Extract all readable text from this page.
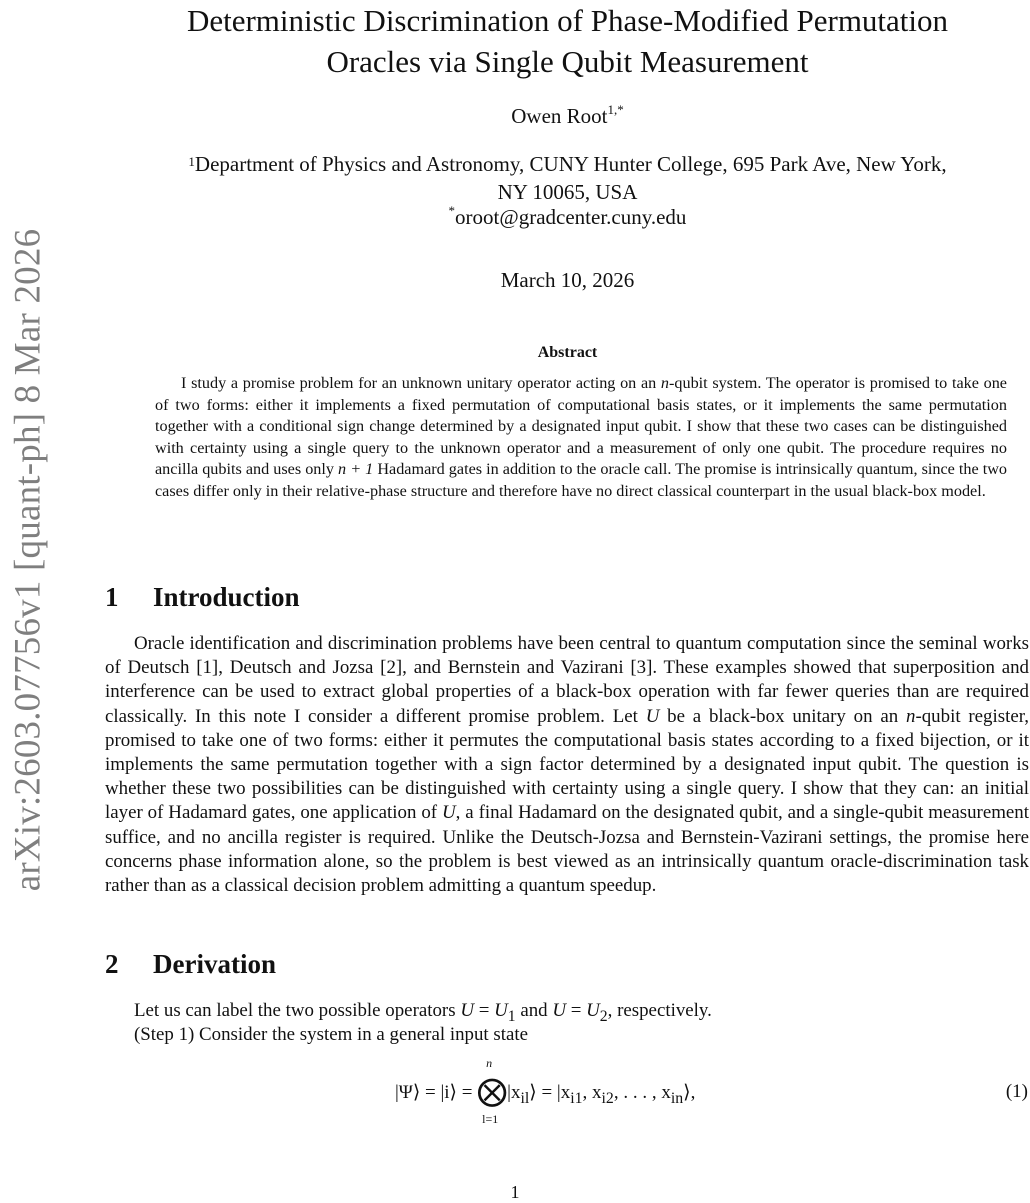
arXiv:2603.07756v1 [quant-ph] 8 Mar 2026
Deterministic Discrimination of Phase-Modified Permutation
Oracles via Single Qubit Measurement
Owen Root$^{1,*}$
$^1$Department of Physics and Astronomy, CUNY Hunter College, 695 Park Ave, New York,
NY 10065, USA
*oroot@gradcenter.cuny.edu
March 10, 2026
Abstract
I study a promise problem for an unknown unitary operator acting on an n-qubit system. The operator is promised to take one of two forms: either it implements a fixed permutation of computational basis states, or it implements the same permutation together with a conditional sign change determined by a designated input qubit. I show that these two cases can be distinguished with certainty using a single query to the unknown operator and a measurement of only one qubit. The procedure requires no ancilla qubits and uses only n + 1 Hadamard gates in addition to the oracle call. The promise is intrinsically quantum, since the two cases differ only in their relative-phase structure and therefore have no direct classical counterpart in the usual black-box model.
1 Introduction
Oracle identification and discrimination problems have been central to quantum computation since the seminal works of Deutsch [1], Deutsch and Jozsa [2], and Bernstein and Vazirani [3]. These examples showed that superposition and interference can be used to extract global properties of a black-box operation with far fewer queries than are required classically. In this note I consider a different promise problem. Let U be a black-box unitary on an n-qubit register, promised to take one of two forms: either it permutes the computational basis states according to a fixed bijection, or it implements the same permutation together with a sign factor determined by a designated input qubit. The question is whether these two possibilities can be distinguished with certainty using a single query. I show that they can: an initial layer of Hadamard gates, one application of U, a final Hadamard on the designated qubit, and a single-qubit measurement suffice, and no ancilla register is required. Unlike the Deutsch-Jozsa and Bernstein-Vazirani settings, the promise here concerns phase information alone, so the problem is best viewed as an intrinsically quantum oracle-discrimination task rather than as a classical decision problem admitting a quantum speedup.
2 Derivation
Let us can label the two possible operators $U = U_1$ and $U = U_2$, respectively.
(Step 1) Consider the system in a general input state
|Ψ⟩ = |i⟩ =
n
⨂
l=1
$|x_{il}⟩ = |x_{i1}$, $x_{i2}$, . . . , $x_{in}⟩$,	(1)
1
